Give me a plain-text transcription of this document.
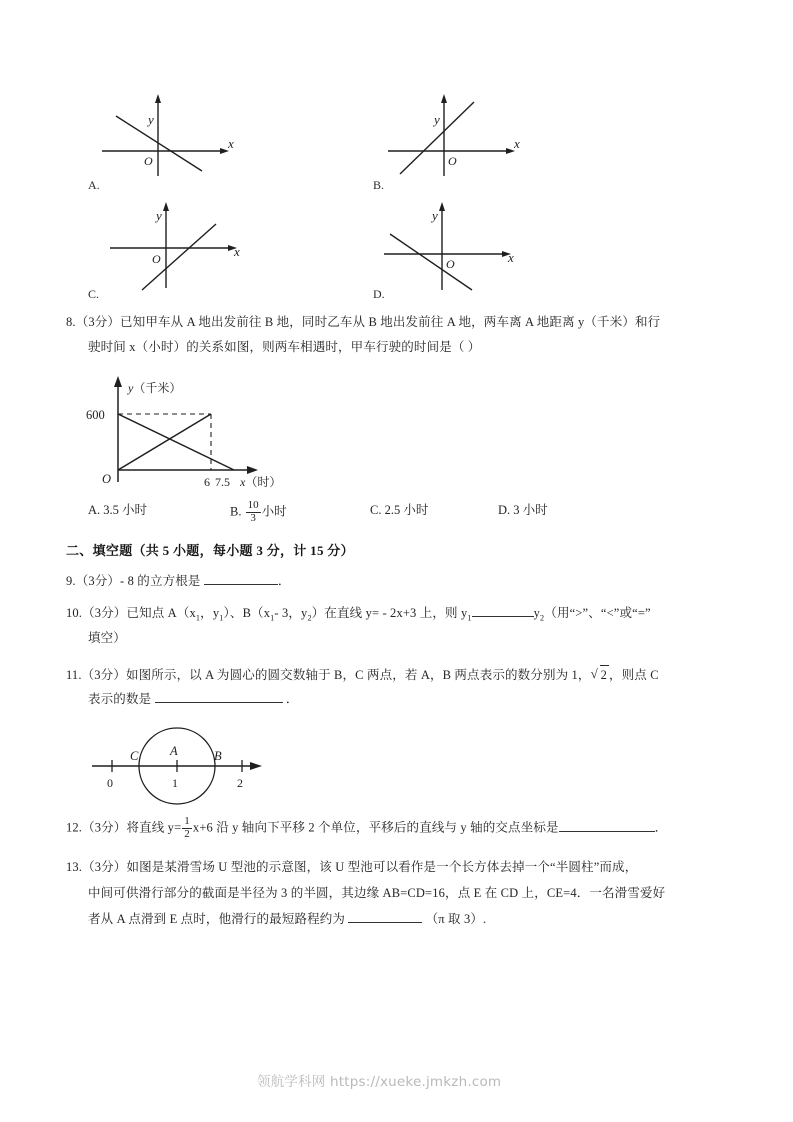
y
x
O
A.
y
x
O
B.
y
x
O
C.
y
x
O
D.
8.（3分）已知甲车从 A 地出发前往 B 地，同时乙车从 B 地出发前往 A 地，两车离 A 地距离 y（千米）和行
驶时间 x（小时）的关系如图，则两车相遇时，甲车行驶的时间是（ ）
y（千米）
600
O	6 7.5 x（时）
A. 3.5 小时	B. $\frac{10}{3}$ 小时	C. 2.5 小时	D. 3 小时
二、填空题（共 5 小题，每小题 3 分，计 15 分）
9.（3分）- 8 的立方根是	．
10.（3分）已知点 $A(x_1$，$y_1$）、$B(x_1-$ 3，$y_2$）在直线 y= - 2x+3 上，则 $y_1$	$y_2$（用“>”、“<”或“=”
填空）
11.（3分）如图所示，以 A 为圆心的圆交数轴于 B，C 两点，若 A，B 两点表示的数分别为 1， √ 2 ，则点 C
表示的数是	．
0	1	2
C	A	B
12.（3分）将直线 $y= \frac{1}{2} x+6$ 沿 y 轴向下平移 2 个单位，平移后的直线与 y 轴的交点坐标是	．
13.（3分）如图是某滑雪场 U 型池的示意图，该 U 型池可以看作是一个长方体去掉一个“半圆柱”而成，
中间可供滑行部分的截面是半径为 3 的半圆，其边缘 AB=CD=16，点 E 在 CD 上，CE=4．一名滑雪爱好
者从 A 点滑到 E 点时，他滑行的最短路程约为	（π 取 3）.
领航学科网 https://xueke.jmkzh.com
